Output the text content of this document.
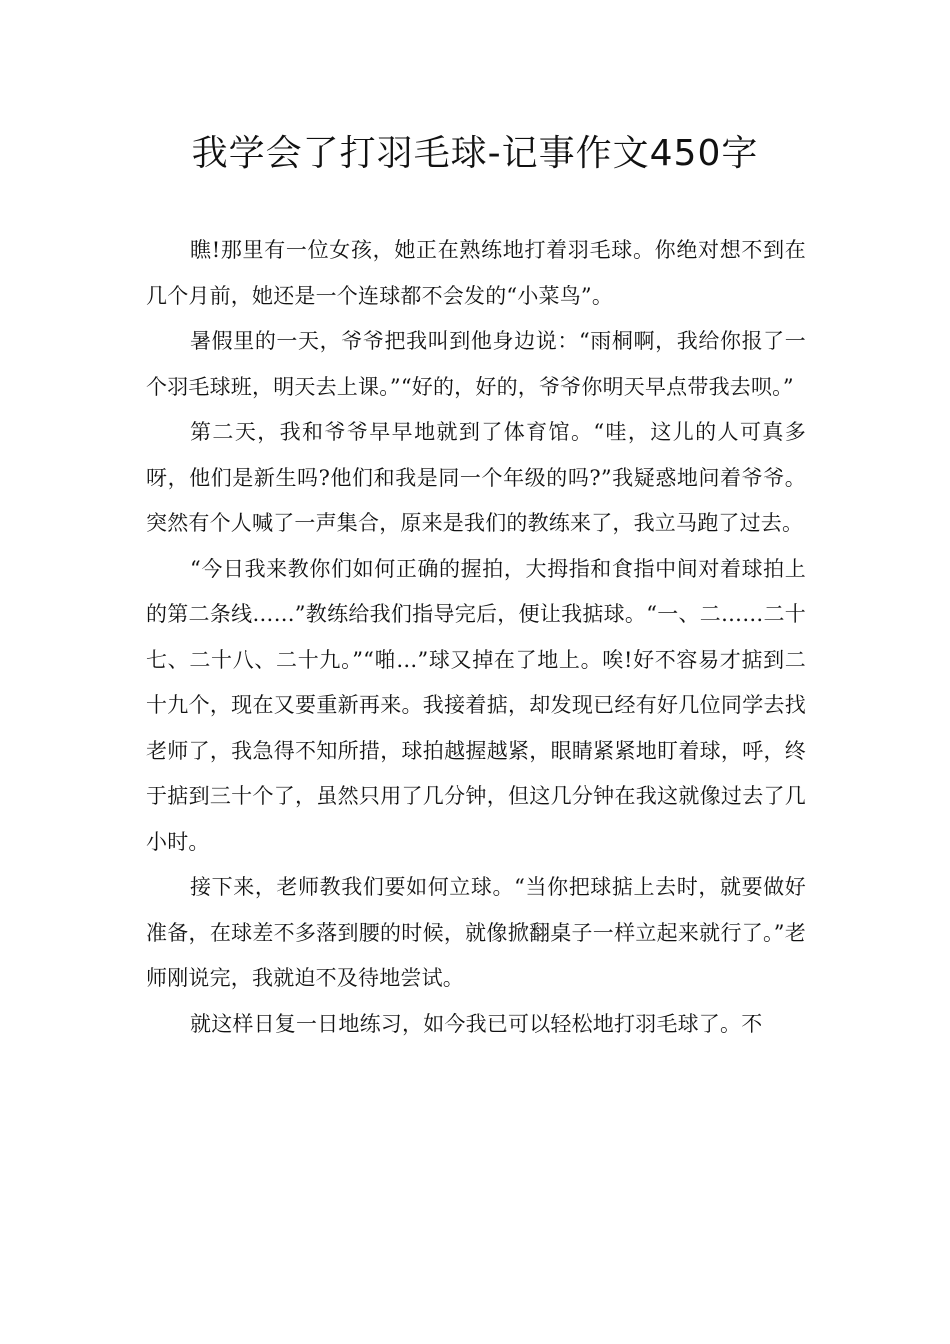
我学会了打羽毛球-记事作文450字

瞧!那里有一位女孩，她正在熟练地打着羽毛球。你绝对想不到在几个月前，她还是一个连球都不会发的“小菜鸟”。

暑假里的一天，爷爷把我叫到他身边说：“雨桐啊，我给你报了一个羽毛球班，明天去上课。”“好的，好的，爷爷你明天早点带我去呗。”

第二天，我和爷爷早早地就到了体育馆。“哇，这儿的人可真多呀，他们是新生吗?他们和我是同一个年级的吗?”我疑惑地问着爷爷。突然有个人喊了一声集合，原来是我们的教练来了，我立马跑了过去。

“今日我来教你们如何正确的握拍，大拇指和食指中间对着球拍上的第二条线……”教练给我们指导完后，便让我掂球。“一、二……二十七、二十八、二十九。”“啪…”球又掉在了地上。唉!好不容易才掂到二十九个，现在又要重新再来。我接着掂，却发现已经有好几位同学去找老师了，我急得不知所措，球拍越握越紧，眼睛紧紧地盯着球，呼，终于掂到三十个了，虽然只用了几分钟，但这几分钟在我这就像过去了几小时。

接下来，老师教我们要如何立球。“当你把球掂上去时，就要做好准备，在球差不多落到腰的时候，就像掀翻桌子一样立起来就行了。”老师刚说完，我就迫不及待地尝试。

就这样日复一日地练习，如今我已可以轻松地打羽毛球了。不
